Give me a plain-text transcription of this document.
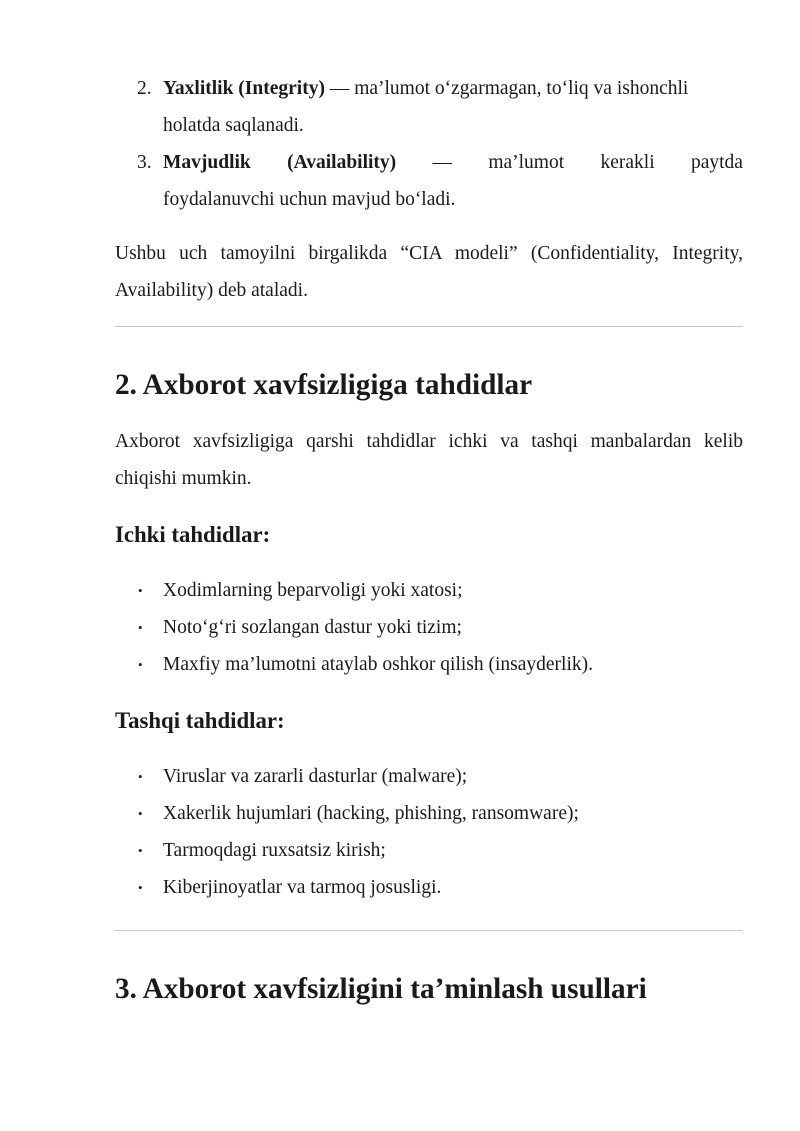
2. Yaxlitlik (Integrity) — ma’lumot o‘zgarmagan, to‘liq va ishonchli
holatda saqlanadi.
3. Mavjudlik (Availability) — ma’lumot kerakli paytda
foydalanuvchi uchun mavjud bo‘ladi.

Ushbu uch tamoyilni birgalikda “CIA modeli” (Confidentiality, Integrity, Availability) deb ataladi.

2. Axborot xavfsizligiga tahdidlar

Axborot xavfsizligiga qarshi tahdidlar ichki va tashqi manbalardan kelib chiqishi mumkin.

Ichki tahdidlar:
• Xodimlarning beparvoligi yoki xatosi;
• Noto‘g‘ri sozlangan dastur yoki tizim;
• Maxfiy ma’lumotni ataylab oshkor qilish (insayderlik).
Tashqi tahdidlar:
• Viruslar va zararli dasturlar (malware);
• Xakerlik hujumlari (hacking, phishing, ransomware);
• Tarmoqdagi ruxsatsiz kirish;
• Kiberjinoyatlar va tarmoq josusligi.
3. Axborot xavfsizligini ta’minlash usullari
